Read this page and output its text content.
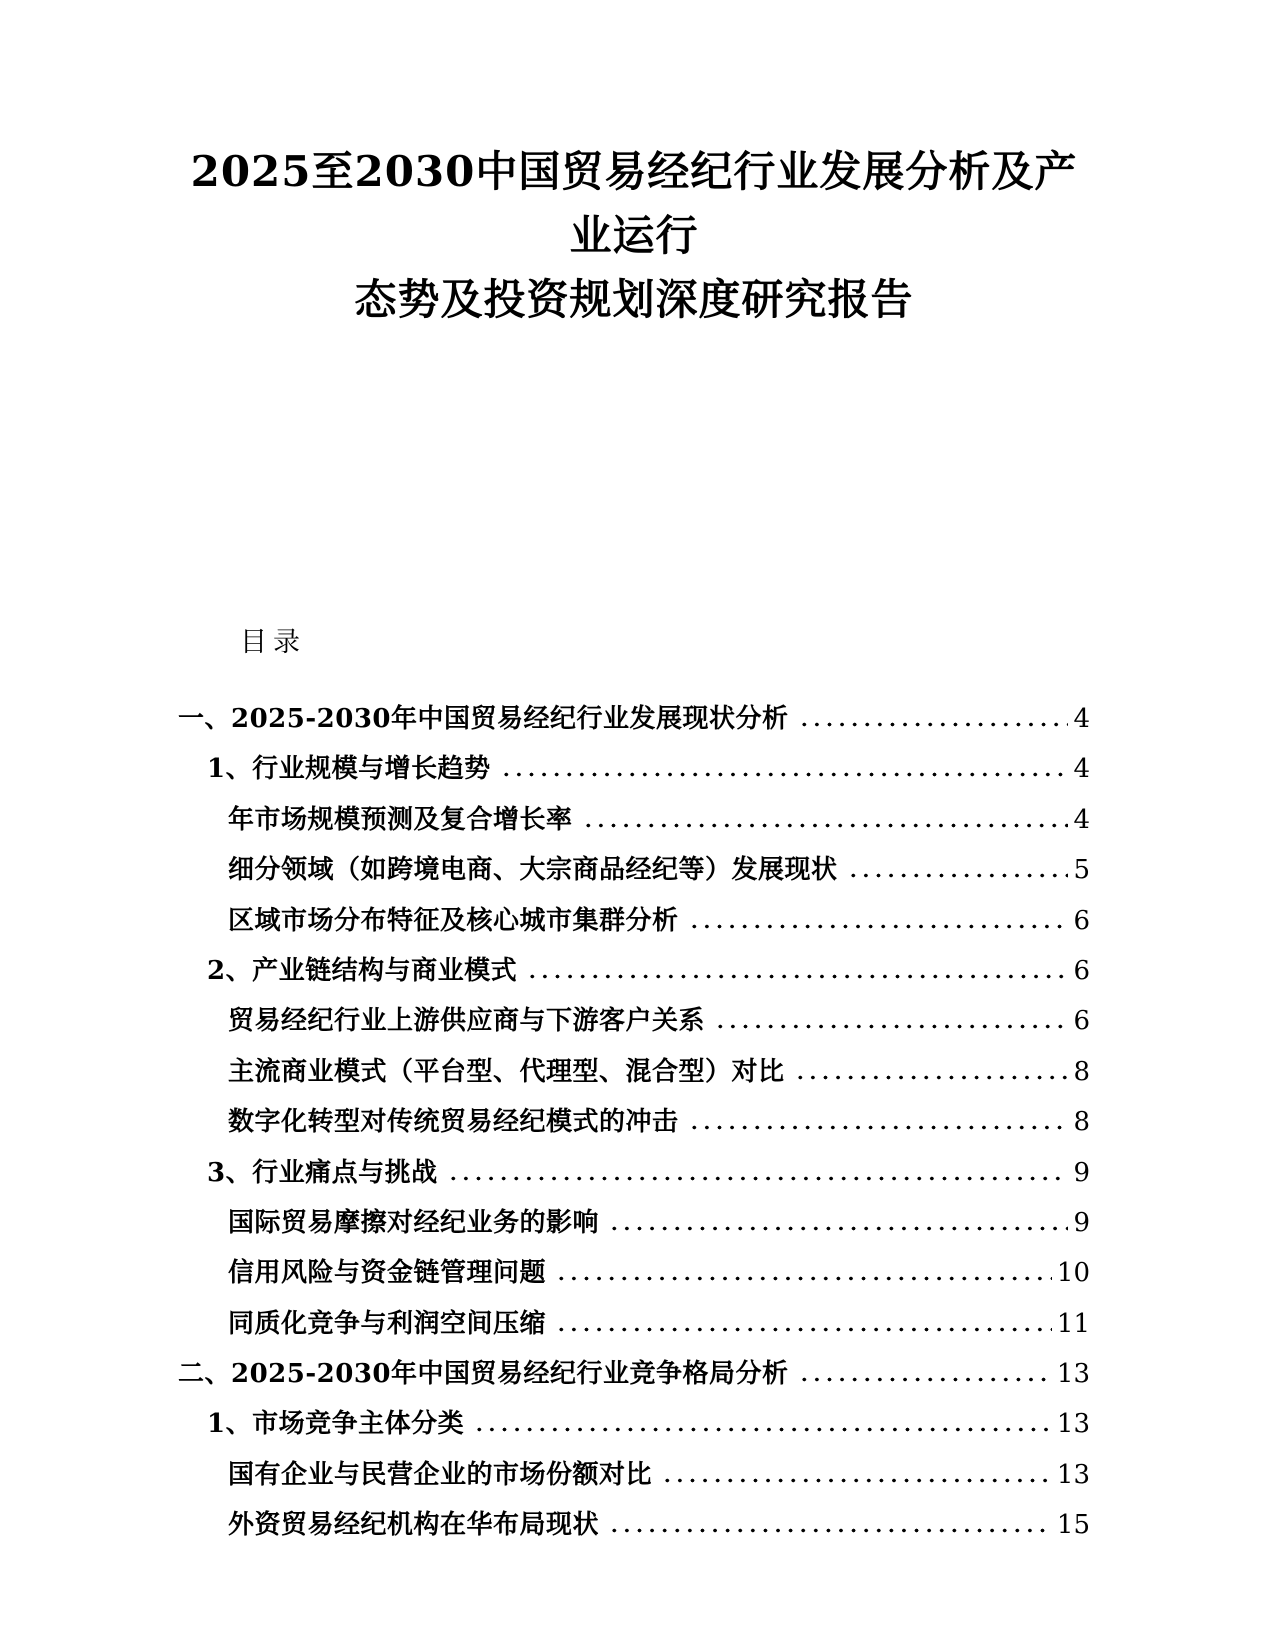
2025至2030中国贸易经纪行业发展分析及产业运行
态势及投资规划深度研究报告
目录
一、2025-2030年中国贸易经纪行业发展现状分析	4
1、行业规模与增长趋势	4
年市场规模预测及复合增长率	4
细分领域（如跨境电商、大宗商品经纪等）发展现状	5
区域市场分布特征及核心城市集群分析	6
2、产业链结构与商业模式	6
贸易经纪行业上游供应商与下游客户关系	6
主流商业模式（平台型、代理型、混合型）对比	8
数字化转型对传统贸易经纪模式的冲击	8
3、行业痛点与挑战	9
国际贸易摩擦对经纪业务的影响	9
信用风险与资金链管理问题	10
同质化竞争与利润空间压缩	11
二、2025-2030年中国贸易经纪行业竞争格局分析	13
1、市场竞争主体分类	13
国有企业与民营企业的市场份额对比	13
外资贸易经纪机构在华布局现状	15
